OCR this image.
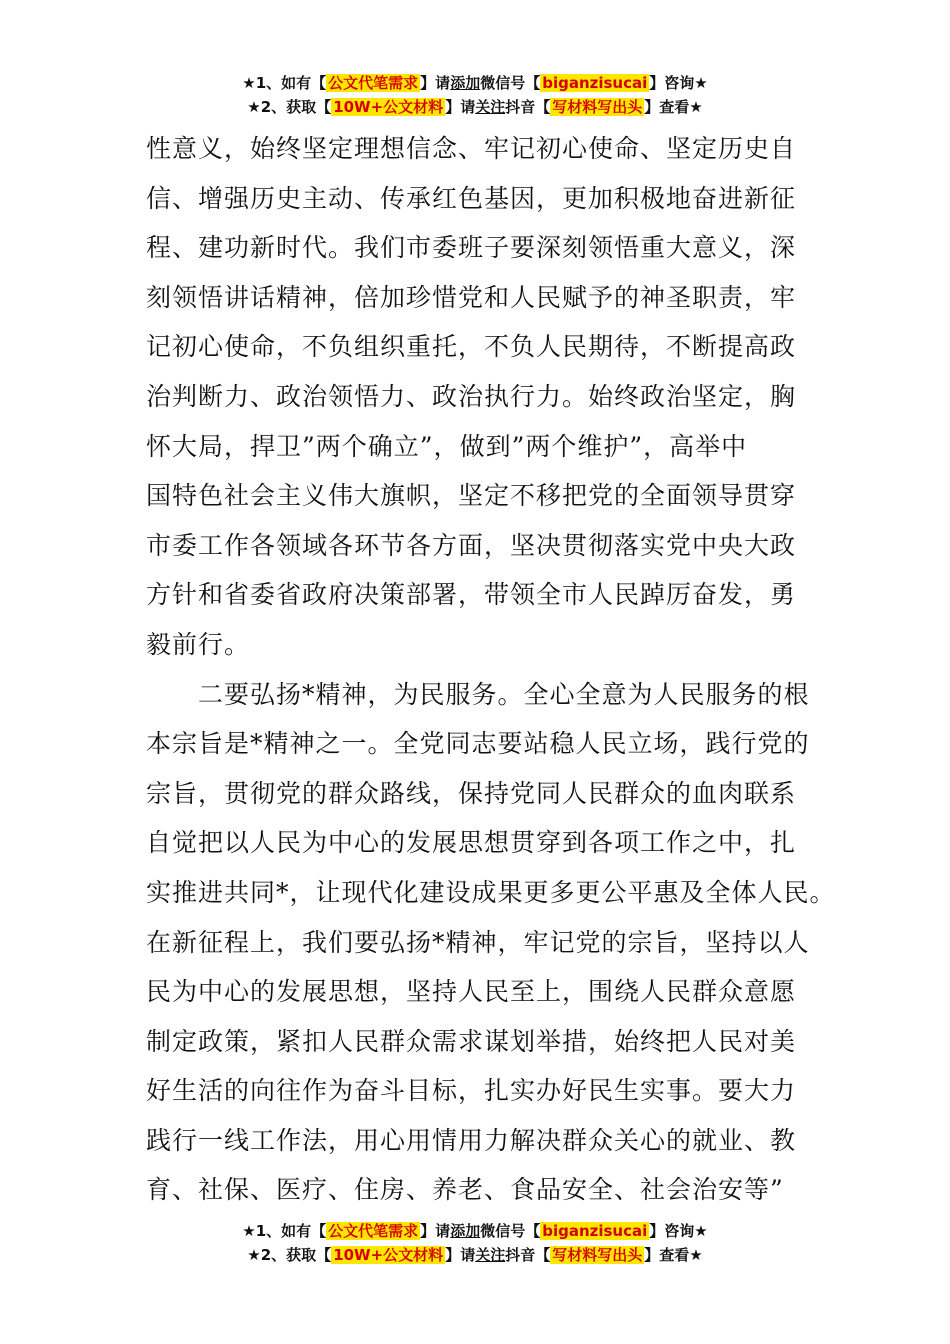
★1、如有【 公文代笔需求 】请添加微信号【 biganzisucai 】咨询★
★2、获取【 10W+公文材料 】请关注抖音【 写材料写出头 】查看★

性意义，始终坚定理想信念、牢记初心使命、坚定历史自

信、增强历史主动、传承红色基因，更加积极地奋进新征

程、建功新时代。我们市委班子要深刻领悟重大意义，深

刻领悟讲话精神，倍加珍惜党和人民赋予的神圣职责，牢

记初心使命，不负组织重托，不负人民期待，不断提高政

治判断力、政治领悟力、政治执行力。始终政治坚定，胸

怀大局，捍卫”两个确立”，做到”两个维护”，高举中

国特色社会主义伟大旗帜，坚定不移把党的全面领导贯穿

市委工作各领域各环节各方面，坚决贯彻落实党中央大政

方针和省委省政府决策部署，带领全市人民踔厉奋发，勇

毅前行。

　　二要弘扬*精神，为民服务。全心全意为人民服务的根

本宗旨是*精神之一。全党同志要站稳人民立场，践行党的

宗旨，贯彻党的群众路线，保持党同人民群众的血肉联系

自觉把以人民为中心的发展思想贯穿到各项工作之中，扎

实推进共同*，让现代化建设成果更多更公平惠及全体人民。

在新征程上，我们要弘扬*精神，牢记党的宗旨，坚持以人

民为中心的发展思想，坚持人民至上，围绕人民群众意愿

制定政策，紧扣人民群众需求谋划举措，始终把人民对美

好生活的向往作为奋斗目标，扎实办好民生实事。要大力

践行一线工作法，用心用情用力解决群众关心的就业、教

育、社保、医疗、住房、养老、食品安全、社会治安等”

★1、如有【 公文代笔需求 】请添加微信号【 biganzisucai 】咨询★
★2、获取【 10W+公文材料 】请关注抖音【 写材料写出头 】查看★
